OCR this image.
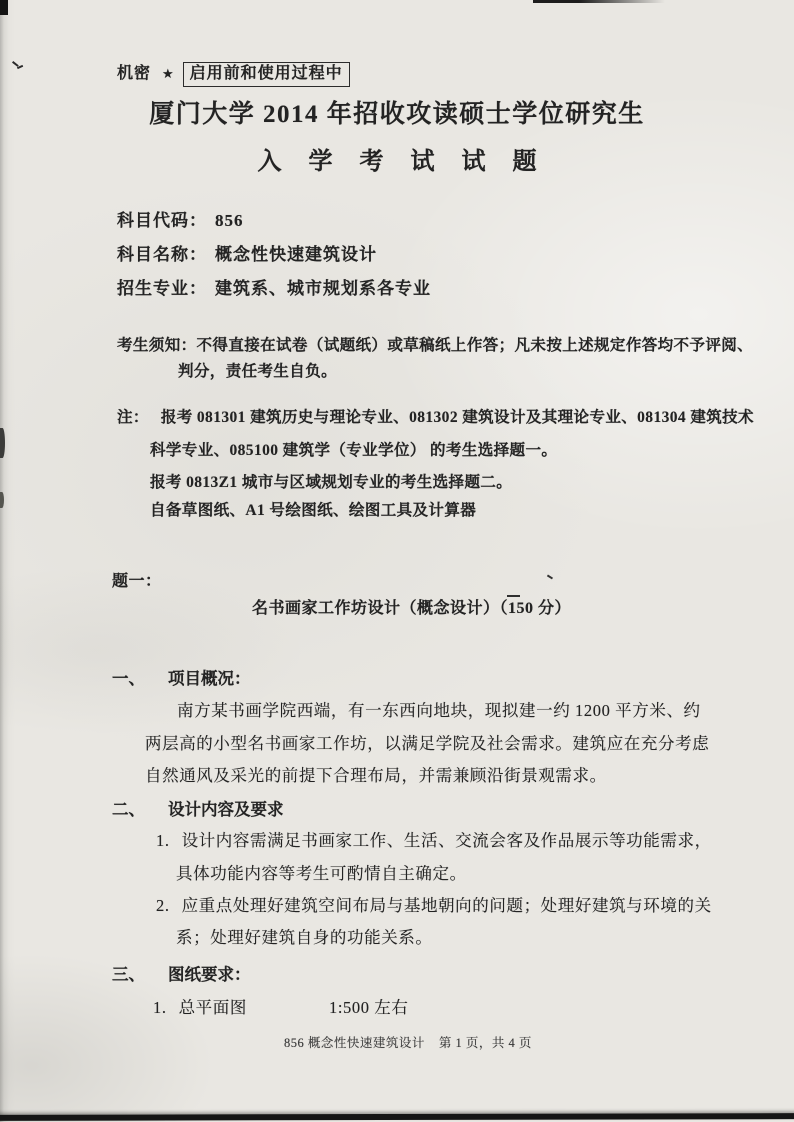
机密 ★ 启用前和使用过程中
厦门大学 2014 年招收攻读硕士学位研究生
入学考试试题
科目代码： 856
科目名称： 概念性快速建筑设计
招生专业： 建筑系、城市规划系各专业
考生须知：不得直接在试卷（试题纸）或草稿纸上作答；凡未按上述规定作答均不予评阅、
判分，责任考生自负。
注： 报考 081301 建筑历史与理论专业、081302 建筑设计及其理论专业、081304 建筑技术
科学专业、085100 建筑学（专业学位） 的考生选择题一。
报考 0813Z1 城市与区域规划专业的考生选择题二。
自备草图纸、A1 号绘图纸、绘图工具及计算器
题一：
名书画家工作坊设计（概念设计）（150 分）
一、 项目概况：
南方某书画学院西端，有一东西向地块，现拟建一约 1200 平方米、约
两层高的小型名书画家工作坊，以满足学院及社会需求。建筑应在充分考虑
自然通风及采光的前提下合理布局，并需兼顾沿街景观需求。
二、 设计内容及要求
1. 设计内容需满足书画家工作、生活、交流会客及作品展示等功能需求，
具体功能内容等考生可酌情自主确定。
2. 应重点处理好建筑空间布局与基地朝向的问题；处理好建筑与环境的关
系；处理好建筑自身的功能关系。
三、 图纸要求：
1. 总平面图	1:500 左右
856 概念性快速建筑设计 第 1 页，共 4 页
